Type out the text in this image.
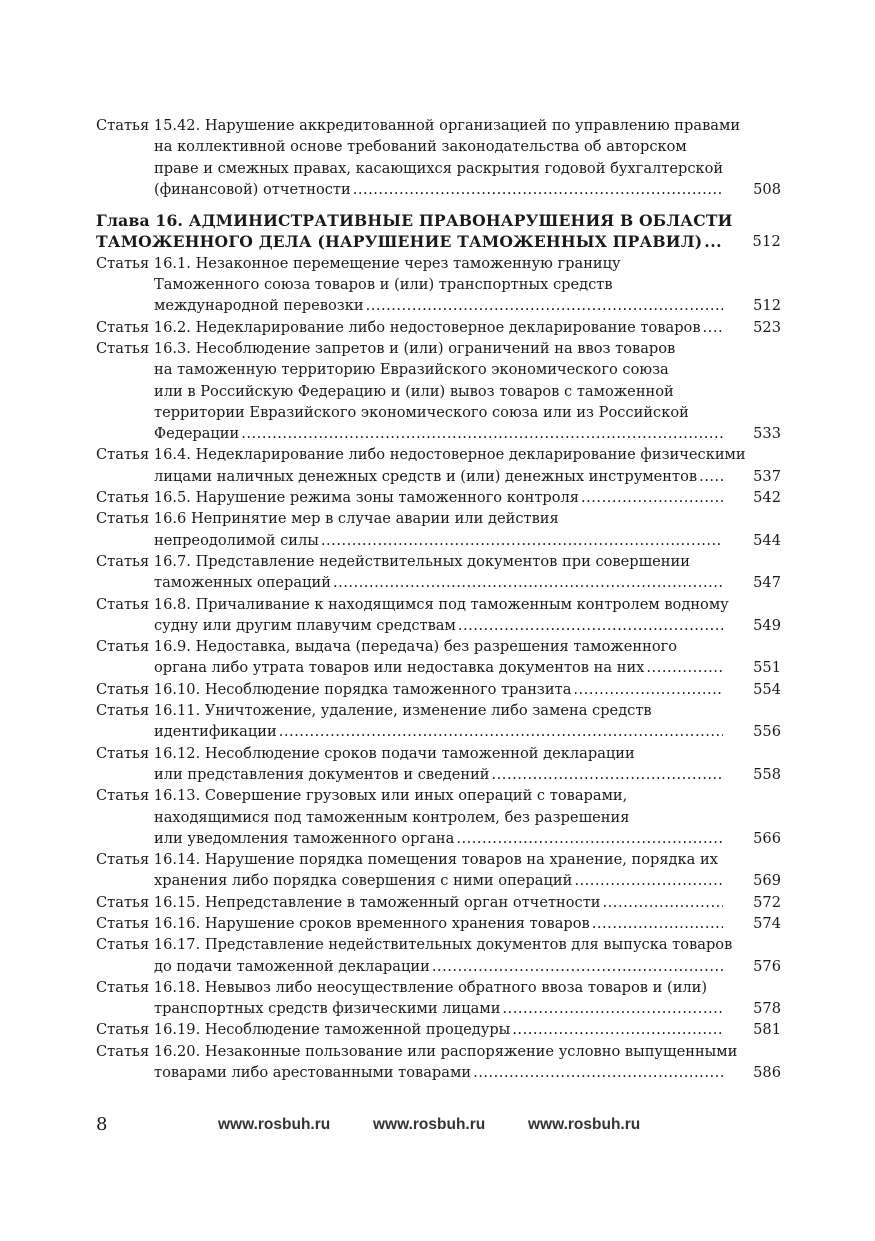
Статья 15.42. Нарушение аккредитованной организацией по управлению правами
на коллективной основе требований законодательства об авторском
праве и смежных правах, касающихся раскрытия годовой бухгалтерской
(финансовой) отчетности .....	508
Глава 16. АДМИНИСТРАТИВНЫЕ ПРАВОНАРУШЕНИЯ В ОБЛАСТИ
ТАМОЖЕННОГО ДЕЛА (НАРУШЕНИЕ ТАМОЖЕННЫХ ПРАВИЛ) .....	512
Статья 16.1. Незаконное перемещение через таможенную границу
Таможенного союза товаров и (или) транспортных средств
международной перевозки .....	512
Статья 16.2. Недекларирование либо недостоверное декларирование товаров .....	523
Статья 16.3. Несоблюдение запретов и (или) ограничений на ввоз товаров
на таможенную территорию Евразийского экономического союза
или в Российскую Федерацию и (или) вывоз товаров с таможенной
территории Евразийского экономического союза или из Российской
Федерации .....	533
Статья 16.4. Недекларирование либо недостоверное декларирование физическими
лицами наличных денежных средств и (или) денежных инструментов .....	537
Статья 16.5. Нарушение режима зоны таможенного контроля .....	542
Статья 16.6 Непринятие мер в случае аварии или действия
непреодолимой силы .....	544
Статья 16.7. Представление недействительных документов при совершении
таможенных операций .....	547
Статья 16.8. Причаливание к находящимся под таможенным контролем водному
судну или другим плавучим средствам .....	549
Статья 16.9. Недоставка, выдача (передача) без разрешения таможенного
органа либо утрата товаров или недоставка документов на них .....	551
Статья 16.10. Несоблюдение порядка таможенного транзита .....	554
Статья 16.11. Уничтожение, удаление, изменение либо замена средств
идентификации .....	556
Статья 16.12. Несоблюдение сроков подачи таможенной декларации
или представления документов и сведений .....	558
Статья 16.13. Совершение грузовых или иных операций с товарами,
находящимися под таможенным контролем, без разрешения
или уведомления таможенного органа .....	566
Статья 16.14. Нарушение порядка помещения товаров на хранение, порядка их
хранения либо порядка совершения с ними операций .....	569
Статья 16.15. Непредставление в таможенный орган отчетности .....	572
Статья 16.16. Нарушение сроков временного хранения товаров .....	574
Статья 16.17. Представление недействительных документов для выпуска товаров
до подачи таможенной декларации .....	576
Статья 16.18. Невывоз либо неосуществление обратного ввоза товаров и (или)
транспортных средств физическими лицами .....	578
Статья 16.19. Несоблюдение таможенной процедуры .....	581
Статья 16.20. Незаконные пользование или распоряжение условно выпущенными
товарами либо арестованными товарами .....	586
8	www.rosbuh.ru	www.rosbuh.ru	www.rosbuh.ru
